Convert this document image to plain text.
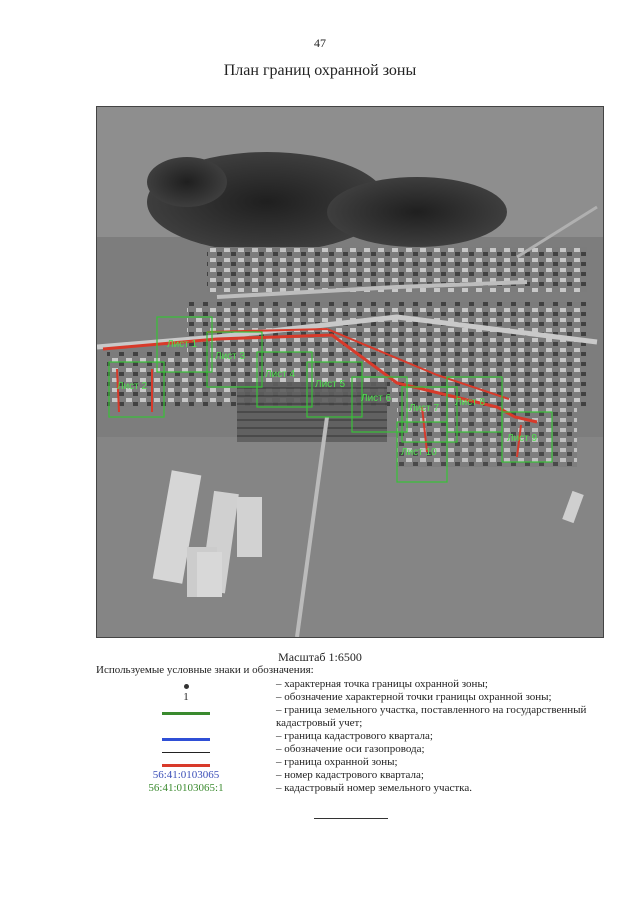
47
План границ охранной зоны
Лист 1
Лист 2
Лист 3
Лист 4
Лист 5
Лист 6
Лист 7
Лист 8
Лист 9
Лист 10
Масштаб 1:6500
Используемые условные знаки и обозначения:
– характерная точка границы охранной зоны;
1	– обозначение характерной точки границы охранной зоны;
– граница земельного участка, поставленного на государственный кадастровый учет;
– граница кадастрового квартала;
– обозначение оси газопровода;
– граница охранной зоны;
56:41:0103065	– номер кадастрового квартала;
56:41:0103065:1	– кадастровый номер земельного участка.
